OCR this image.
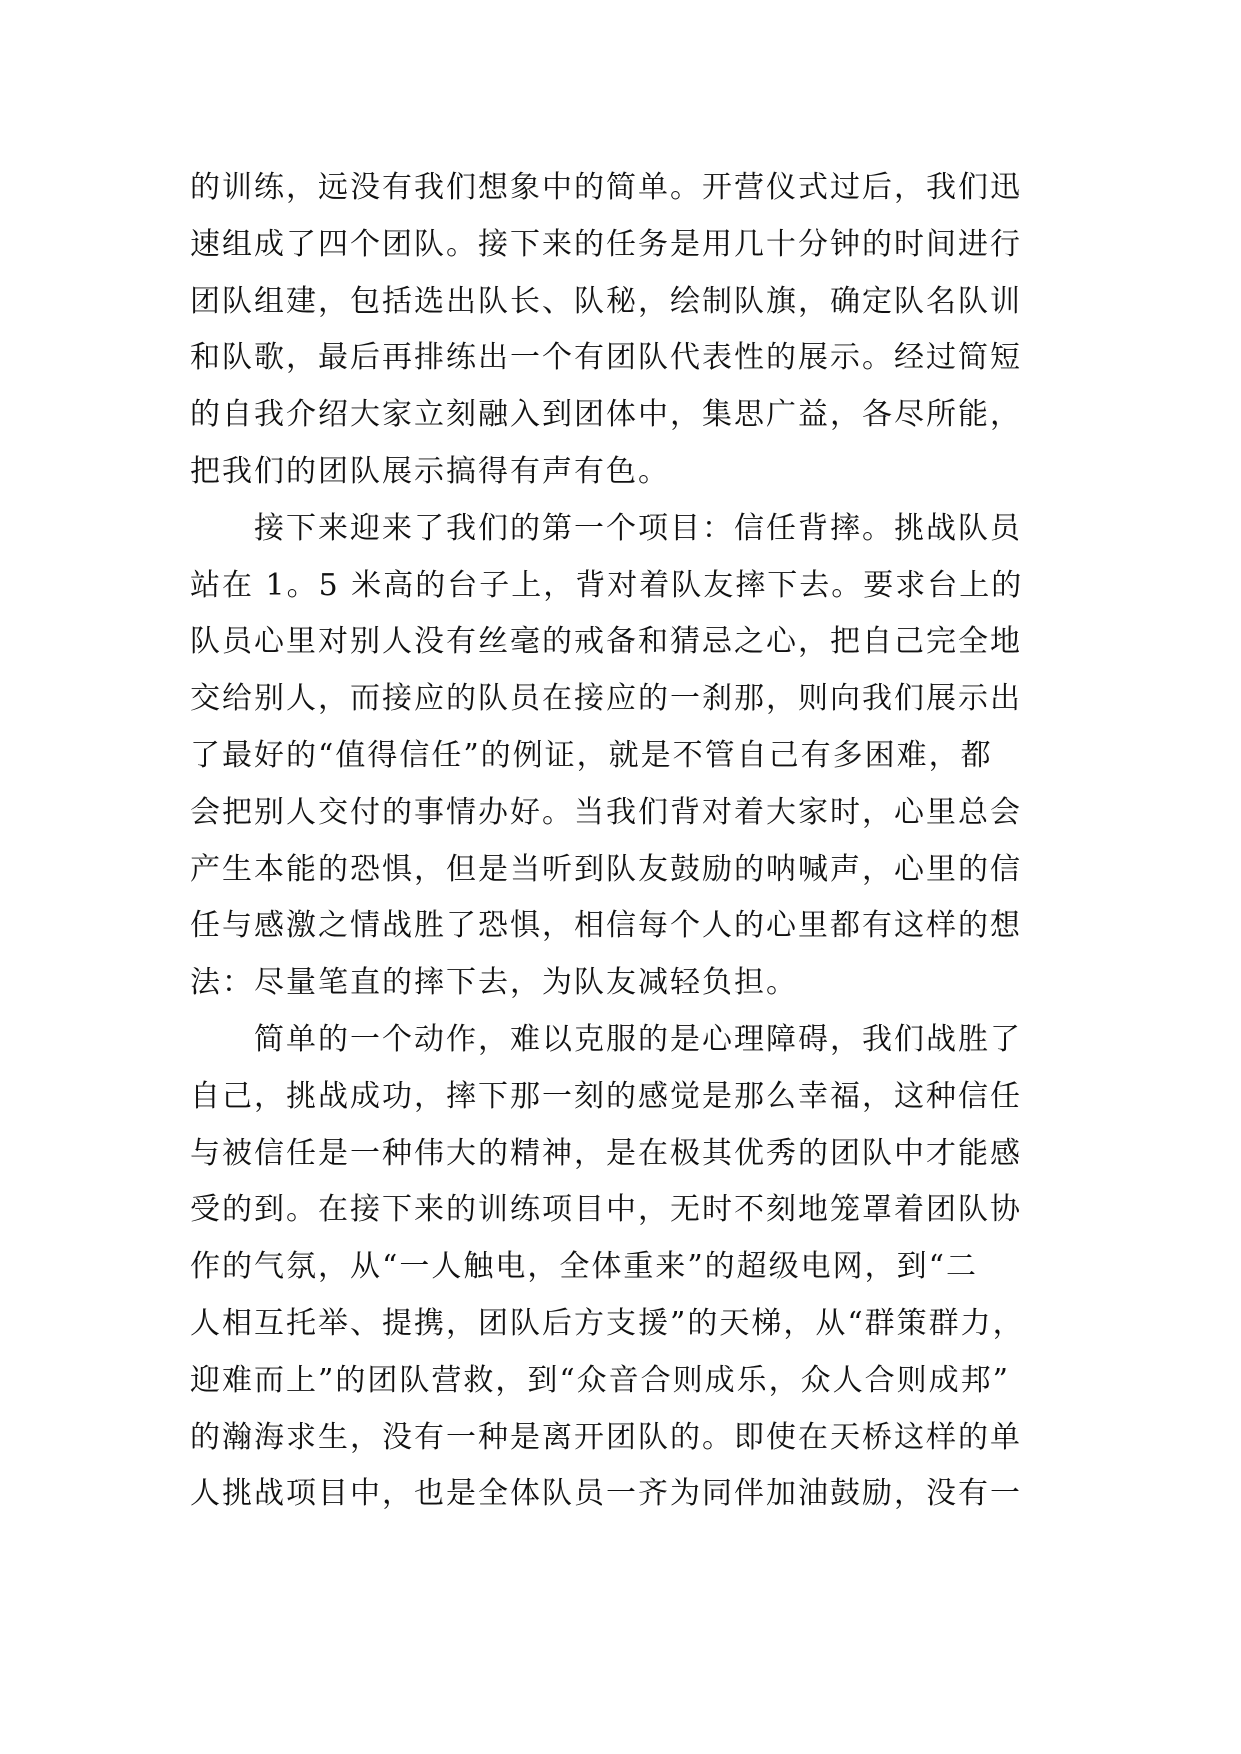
的训练，远没有我们想象中的简单。开营仪式过后，我们迅
速组成了四个团队。接下来的任务是用几十分钟的时间进行
团队组建，包括选出队长、队秘，绘制队旗，确定队名队训
和队歌，最后再排练出一个有团队代表性的展示。经过简短
的自我介绍大家立刻融入到团体中，集思广益，各尽所能，
把我们的团队展示搞得有声有色。
　　接下来迎来了我们的第一个项目：信任背摔。挑战队员
站在 1。5 米高的台子上，背对着队友摔下去。要求台上的
队员心里对别人没有丝毫的戒备和猜忌之心，把自己完全地
交给别人，而接应的队员在接应的一刹那，则向我们展示出
了最好的“值得信任”的例证，就是不管自己有多困难，都
会把别人交付的事情办好。当我们背对着大家时，心里总会
产生本能的恐惧，但是当听到队友鼓励的呐喊声，心里的信
任与感激之情战胜了恐惧，相信每个人的心里都有这样的想
法：尽量笔直的摔下去，为队友减轻负担。
　　简单的一个动作，难以克服的是心理障碍，我们战胜了
自己，挑战成功，摔下那一刻的感觉是那么幸福，这种信任
与被信任是一种伟大的精神，是在极其优秀的团队中才能感
受的到。在接下来的训练项目中，无时不刻地笼罩着团队协
作的气氛，从“一人触电，全体重来”的超级电网，到“二
人相互托举、提携，团队后方支援”的天梯，从“群策群力，
迎难而上”的团队营救，到“众音合则成乐，众人合则成邦”
的瀚海求生，没有一种是离开团队的。即使在天桥这样的单
人挑战项目中，也是全体队员一齐为同伴加油鼓励，没有一
